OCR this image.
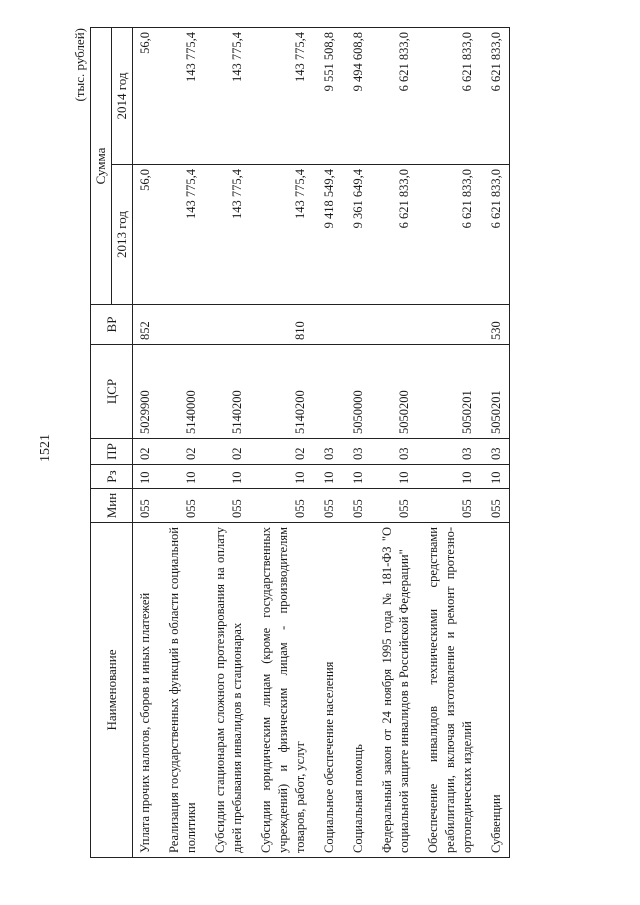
1521
(тыс. рублей)
Наименование	Мин	Рз	ПР	ЦСР	ВР	Сумма	
						2013 год	2014 год
Уплата прочих налогов, сборов и иных платежей	055	10	02	5029900	852	56,0	56,0
Реализация государственных функций в области социальной политики	055	10	02	5140000		143 775,4	143 775,4
Субсидии стационарам сложного протезирования на оплату дней пребывания инвалидов в стационарах	055	10	02	5140200		143 775,4	143 775,4
Субсидии юридическим лицам (кроме государственных учреждений) и физическим лицам - производителям товаров, работ, услуг	055	10	02	5140200	810	143 775,4	143 775,4
Социальное обеспечение населения	055	10	03			9 418 549,4	9 551 508,8
Социальная помощь	055	10	03	5050000		9 361 649,4	9 494 608,8
Федеральный закон от 24 ноября 1995 года № 181-ФЗ "О социальной защите инвалидов в Российской Федерации"	055	10	03	5050200		6 621 833,0	6 621 833,0
Обеспечение инвалидов техническими средствами реабилитации, включая изготовление и ремонт протезно-ортопедических изделий	055	10	03	5050201		6 621 833,0	6 621 833,0
Субвенции	055	10	03	5050201	530	6 621 833,0	6 621 833,0
